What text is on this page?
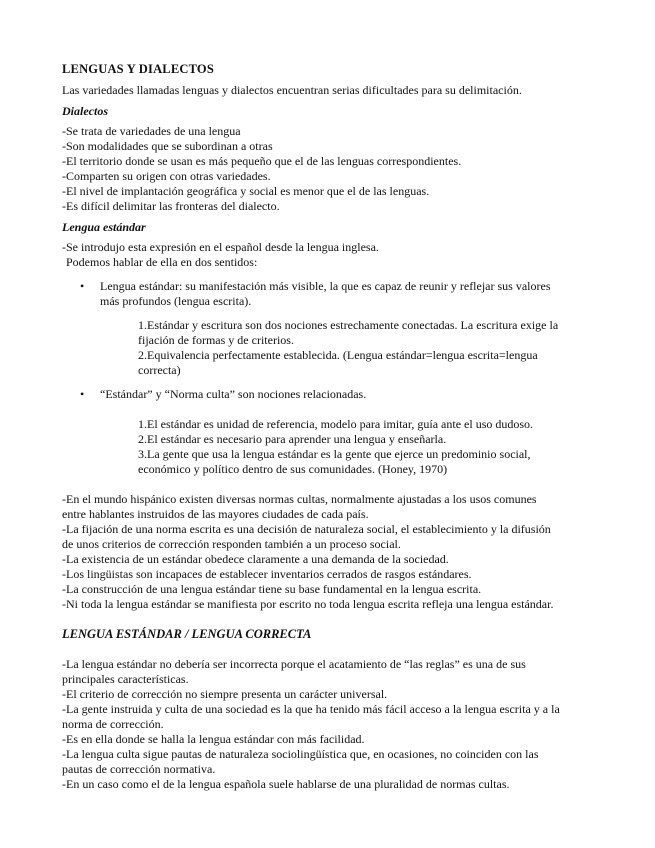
LENGUAS Y DIALECTOS
Las variedades llamadas lenguas y dialectos encuentran serias dificultades para su delimitación.
Dialectos
-Se trata de variedades de una lengua
-Son modalidades que se subordinan a otras
-El territorio donde se usan es más pequeño que el de las lenguas correspondientes.
-Comparten su origen con otras variedades.
-El nivel de implantación geográfica y social es menor que el de las lenguas.
-Es difícil delimitar las fronteras del dialecto.
Lengua estándar
-Se introdujo esta expresión en el español desde la lengua inglesa.
Podemos hablar de ella en dos sentidos:
• Lengua estándar: su manifestación más visible, la que es capaz de reunir y reflejar sus valores
más profundos (lengua escrita).
1.Estándar y escritura son dos nociones estrechamente conectadas. La escritura exige la
fijación de formas y de criterios.
2.Equivalencia perfectamente establecida. (Lengua estándar=lengua escrita=lengua
correcta)
• “Estándar” y “Norma culta” son nociones relacionadas.
1.El estándar es unidad de referencia, modelo para imitar, guía ante el uso dudoso.
2.El estándar es necesario para aprender una lengua y enseñarla.
3.La gente que usa la lengua estándar es la gente que ejerce un predominio social,
económico y político dentro de sus comunidades. (Honey, 1970)
-En el mundo hispánico existen diversas normas cultas, normalmente ajustadas a los usos comunes
entre hablantes instruidos de las mayores ciudades de cada país.
-La fijación de una norma escrita es una decisión de naturaleza social, el establecimiento y la difusión
de unos criterios de corrección responden también a un proceso social.
-La existencia de un estándar obedece claramente a una demanda de la sociedad.
-Los lingüistas son incapaces de establecer inventarios cerrados de rasgos estándares.
-La construcción de una lengua estándar tiene su base fundamental en la lengua escrita.
-Ni toda la lengua estándar se manifiesta por escrito no toda lengua escrita refleja una lengua estándar.
LENGUA ESTÁNDAR / LENGUA CORRECTA
-La lengua estándar no debería ser incorrecta porque el acatamiento de “las reglas” es una de sus
principales características.
-El criterio de corrección no siempre presenta un carácter universal.
-La gente instruida y culta de una sociedad es la que ha tenido más fácil acceso a la lengua escrita y a la
norma de corrección.
-Es en ella donde se halla la lengua estándar con más facilidad.
-La lengua culta sigue pautas de naturaleza sociolingüística que, en ocasiones, no coinciden con las
pautas de corrección normativa.
-En un caso como el de la lengua española suele hablarse de una pluralidad de normas cultas.
